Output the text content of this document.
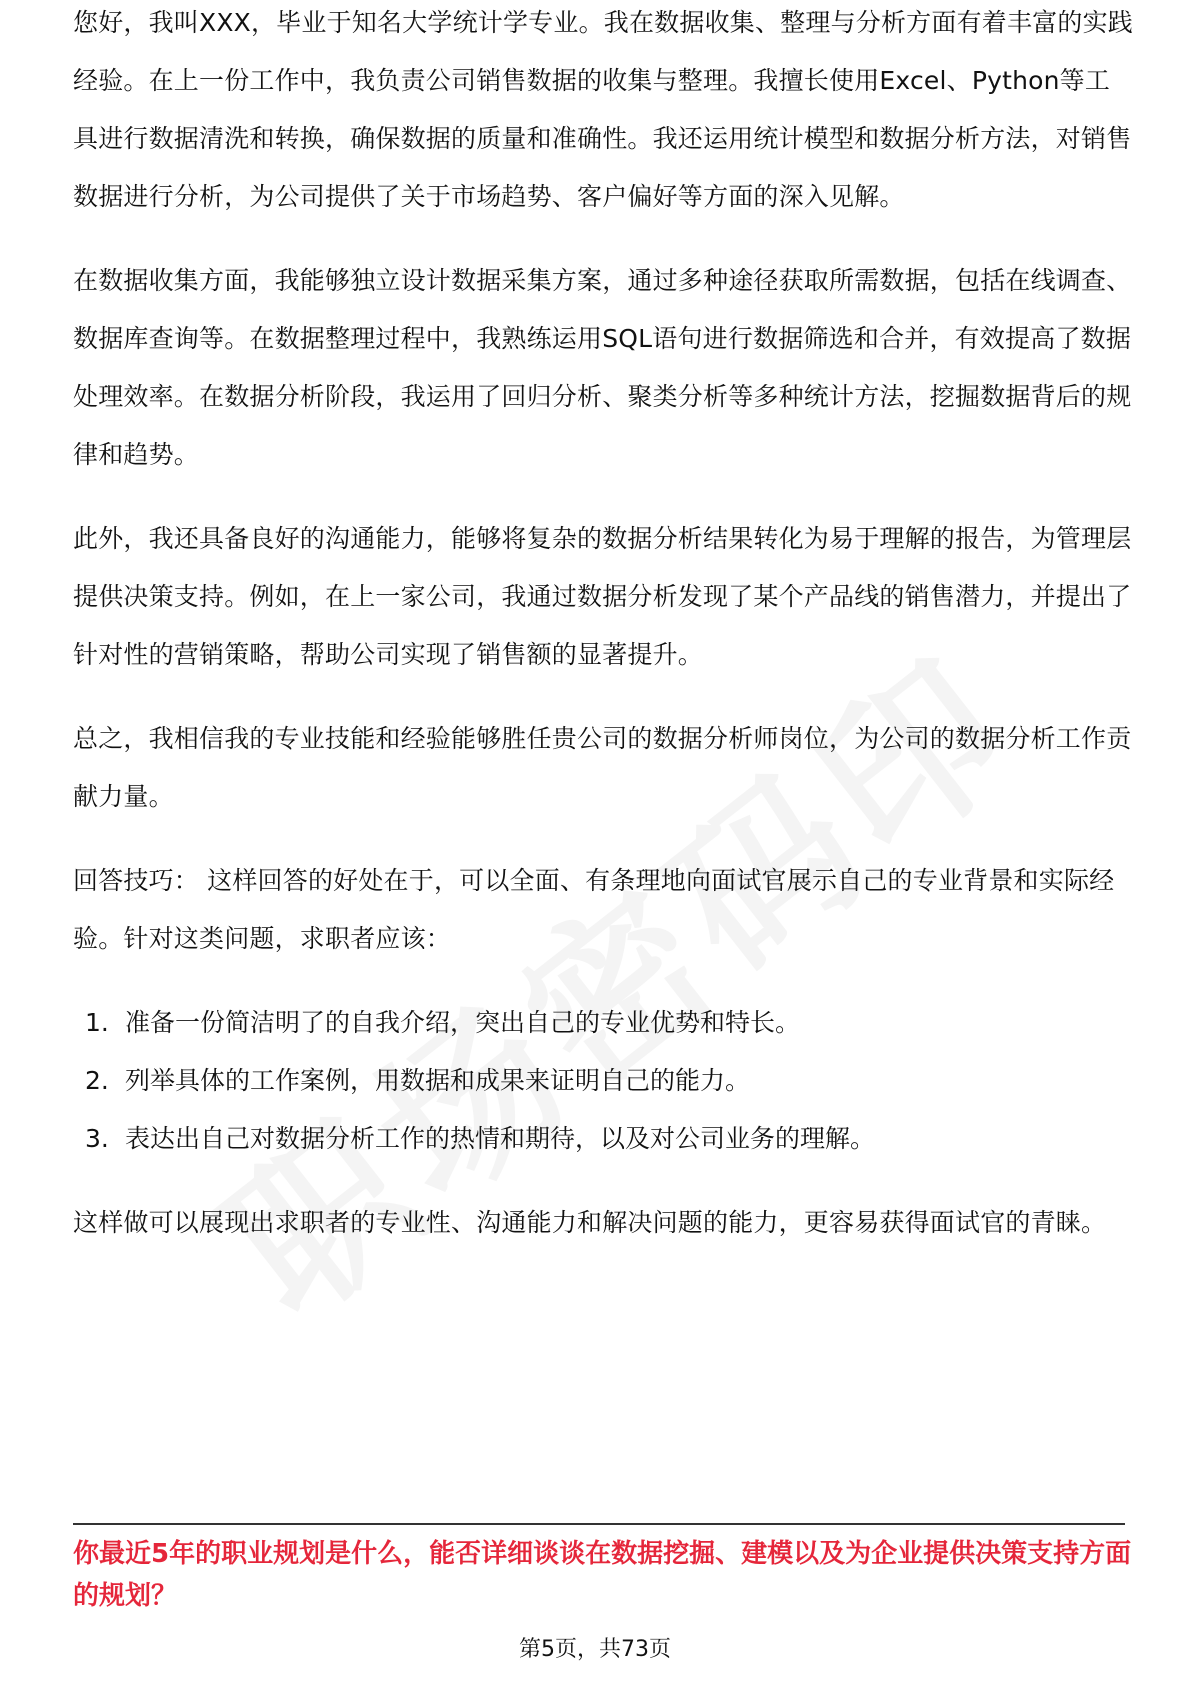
您好，我叫XXX，毕业于知名大学统计学专业。我在数据收集、整理与分析方面有着丰富的实践经验。在上一份工作中，我负责公司销售数据的收集与整理。我擅长使用Excel、Python等工具进行数据清洗和转换，确保数据的质量和准确性。我还运用统计模型和数据分析方法，对销售数据进行分析，为公司提供了关于市场趋势、客户偏好等方面的深入见解。

在数据收集方面，我能够独立设计数据采集方案，通过多种途径获取所需数据，包括在线调查、数据库查询等。在数据整理过程中，我熟练运用SQL语句进行数据筛选和合并，有效提高了数据处理效率。在数据分析阶段，我运用了回归分析、聚类分析等多种统计方法，挖掘数据背后的规律和趋势。

此外，我还具备良好的沟通能力，能够将复杂的数据分析结果转化为易于理解的报告，为管理层提供决策支持。例如，在上一家公司，我通过数据分析发现了某个产品线的销售潜力，并提出了针对性的营销策略，帮助公司实现了销售额的显著提升。

总之，我相信我的专业技能和经验能够胜任贵公司的数据分析师岗位，为公司的数据分析工作贡献力量。

回答技巧： 这样回答的好处在于，可以全面、有条理地向面试官展示自己的专业背景和实际经验。针对这类问题，求职者应该：

1. 准备一份简洁明了的自我介绍，突出自己的专业优势和特长。
2. 列举具体的工作案例，用数据和成果来证明自己的能力。
3. 表达出自己对数据分析工作的热情和期待，以及对公司业务的理解。

这样做可以展现出求职者的专业性、沟通能力和解决问题的能力，更容易获得面试官的青睐。

你最近5年的职业规划是什么，能否详细谈谈在数据挖掘、建模以及为企业提供决策支持方面的规划？
第5页，共73页
